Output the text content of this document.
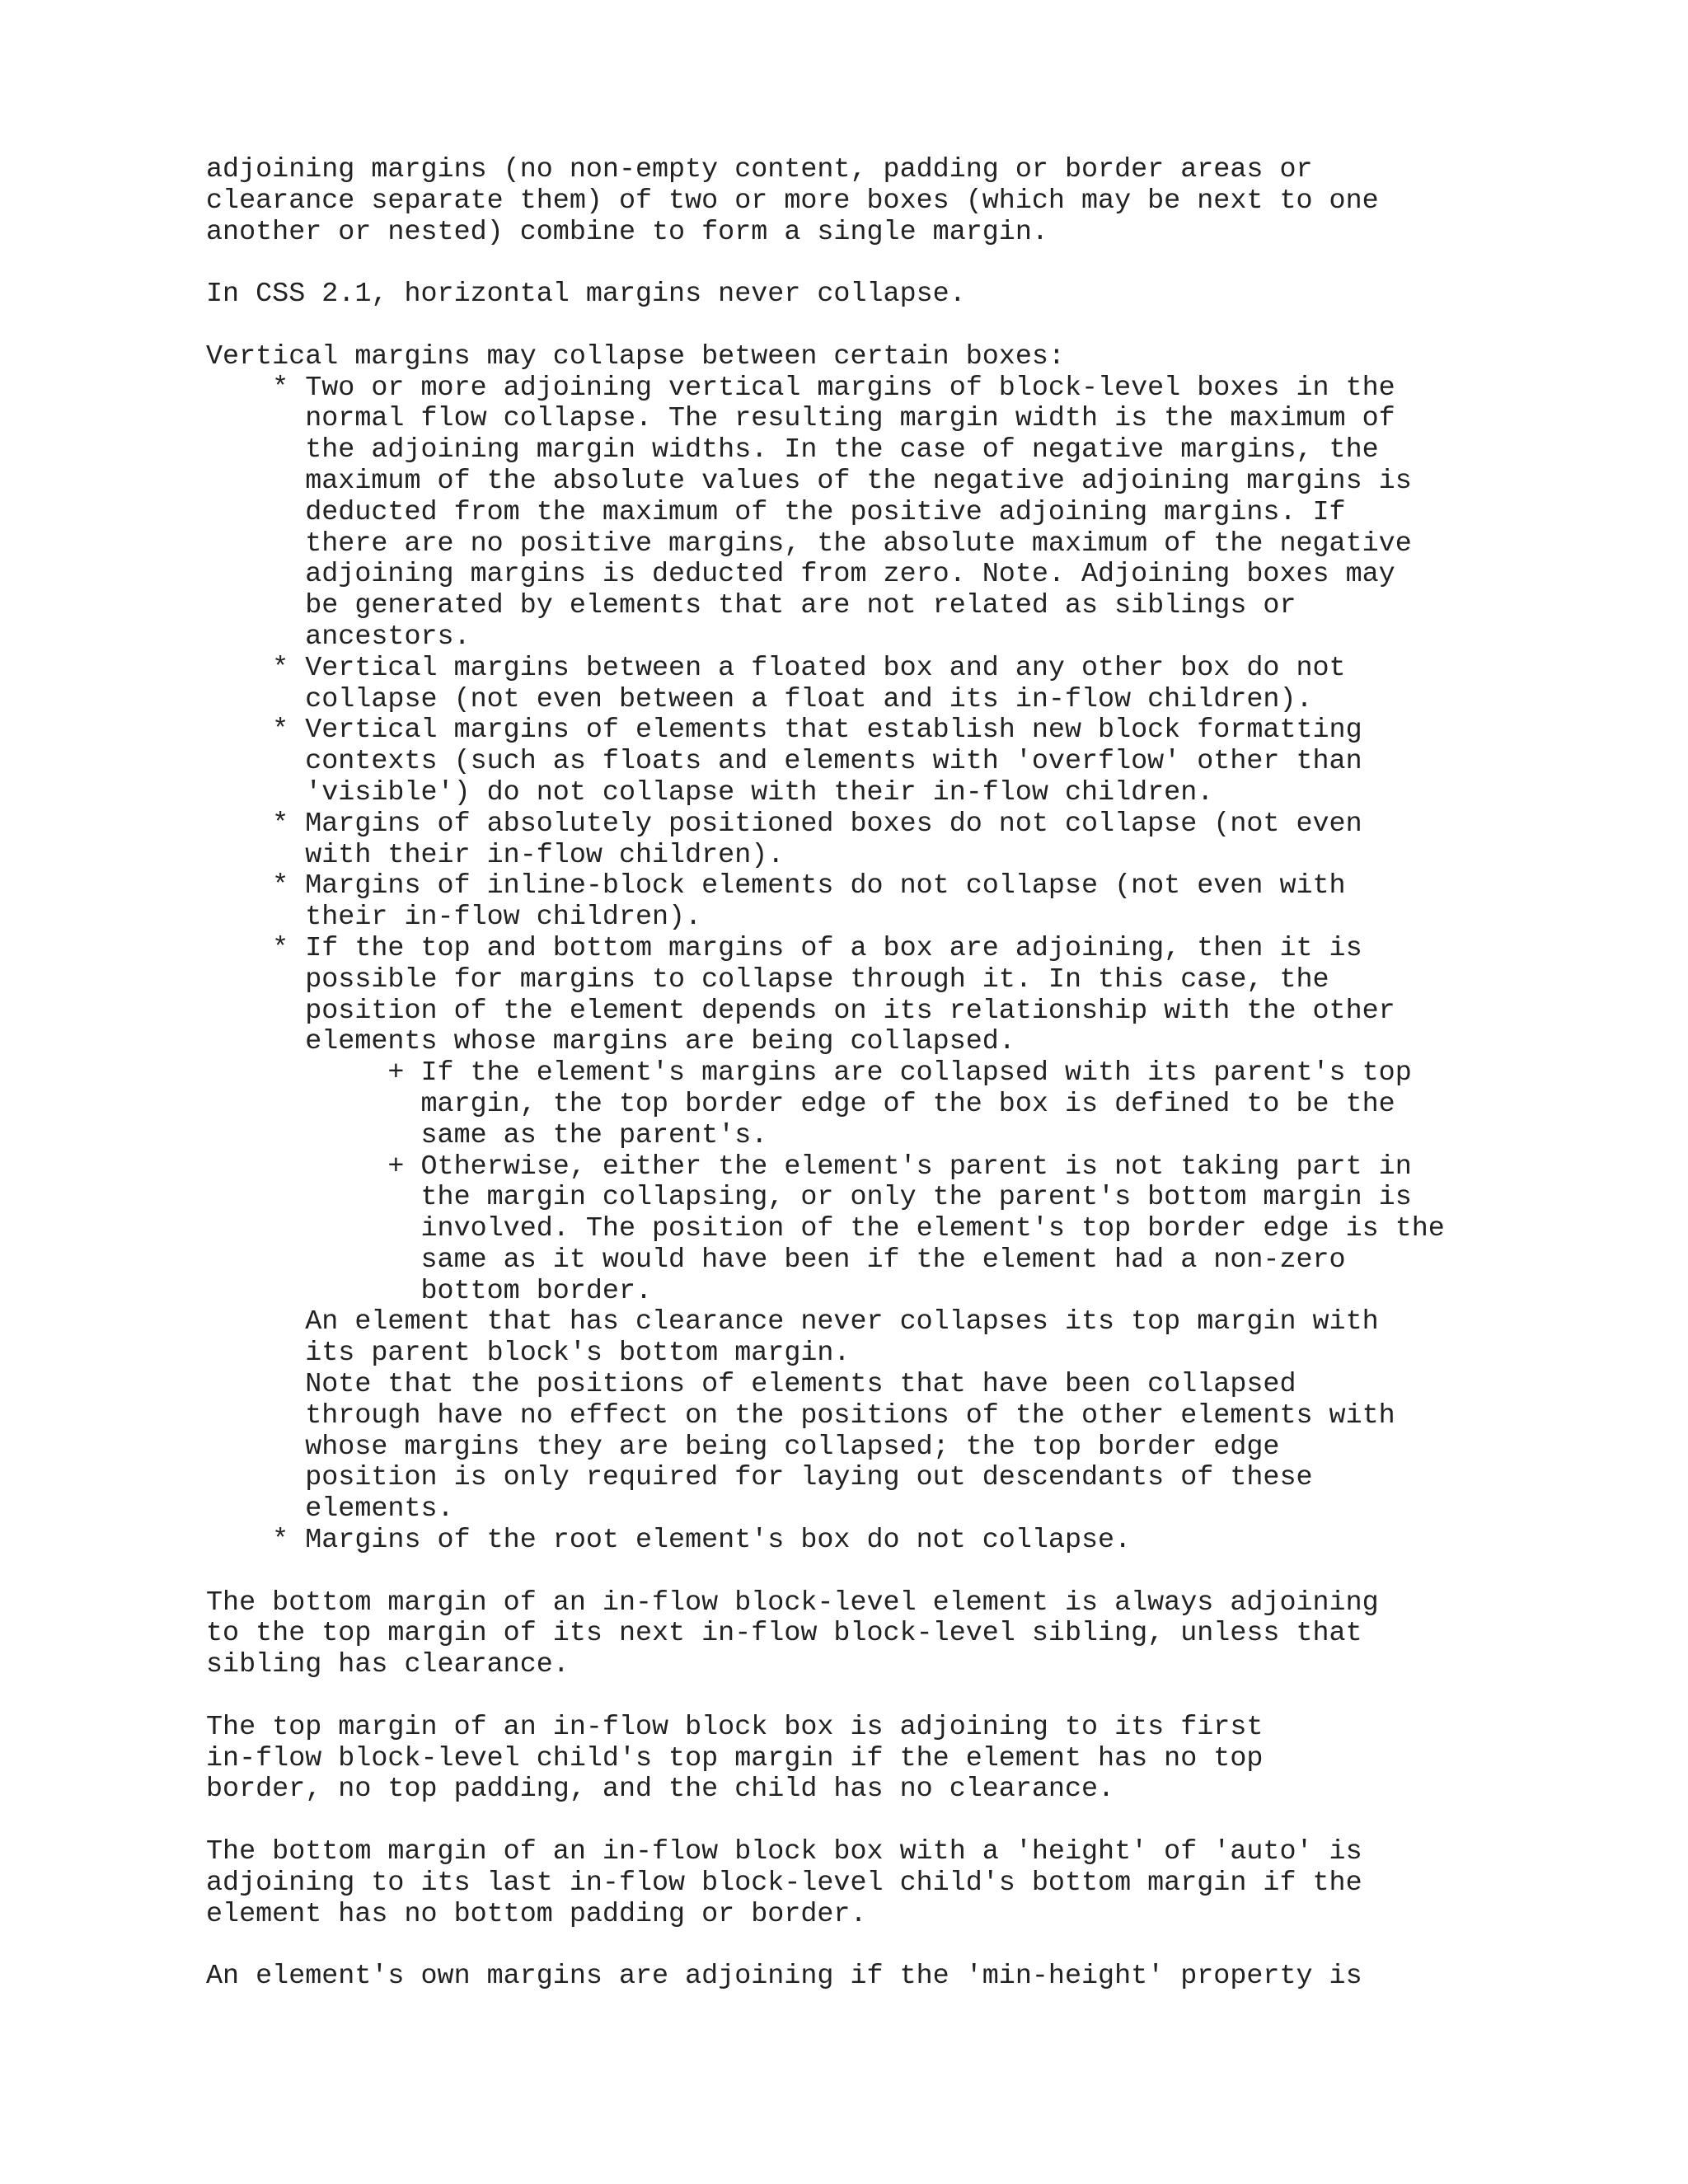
adjoining margins (no non-empty content, padding or border areas or
clearance separate them) of two or more boxes (which may be next to one
another or nested) combine to form a single margin.

In CSS 2.1, horizontal margins never collapse.

Vertical margins may collapse between certain boxes:
* Two or more adjoining vertical margins of block-level boxes in the
normal flow collapse. The resulting margin width is the maximum of
the adjoining margin widths. In the case of negative margins, the
maximum of the absolute values of the negative adjoining margins is
deducted from the maximum of the positive adjoining margins. If
there are no positive margins, the absolute maximum of the negative
adjoining margins is deducted from zero. Note. Adjoining boxes may
be generated by elements that are not related as siblings or
ancestors.
* Vertical margins between a floated box and any other box do not
collapse (not even between a float and its in-flow children).
* Vertical margins of elements that establish new block formatting
contexts (such as floats and elements with 'overflow' other than
'visible') do not collapse with their in-flow children.
* Margins of absolutely positioned boxes do not collapse (not even
with their in-flow children).
* Margins of inline-block elements do not collapse (not even with
their in-flow children).
* If the top and bottom margins of a box are adjoining, then it is
possible for margins to collapse through it. In this case, the
position of the element depends on its relationship with the other
elements whose margins are being collapsed.
+ If the element's margins are collapsed with its parent's top
margin, the top border edge of the box is defined to be the
same as the parent's.
+ Otherwise, either the element's parent is not taking part in
the margin collapsing, or only the parent's bottom margin is
involved. The position of the element's top border edge is the
same as it would have been if the element had a non-zero
bottom border.
An element that has clearance never collapses its top margin with
its parent block's bottom margin.
Note that the positions of elements that have been collapsed
through have no effect on the positions of the other elements with
whose margins they are being collapsed; the top border edge
position is only required for laying out descendants of these
elements.
* Margins of the root element's box do not collapse.

The bottom margin of an in-flow block-level element is always adjoining
to the top margin of its next in-flow block-level sibling, unless that
sibling has clearance.

The top margin of an in-flow block box is adjoining to its first
in-flow block-level child's top margin if the element has no top
border, no top padding, and the child has no clearance.

The bottom margin of an in-flow block box with a 'height' of 'auto' is
adjoining to its last in-flow block-level child's bottom margin if the
element has no bottom padding or border.

An element's own margins are adjoining if the 'min-height' property is
